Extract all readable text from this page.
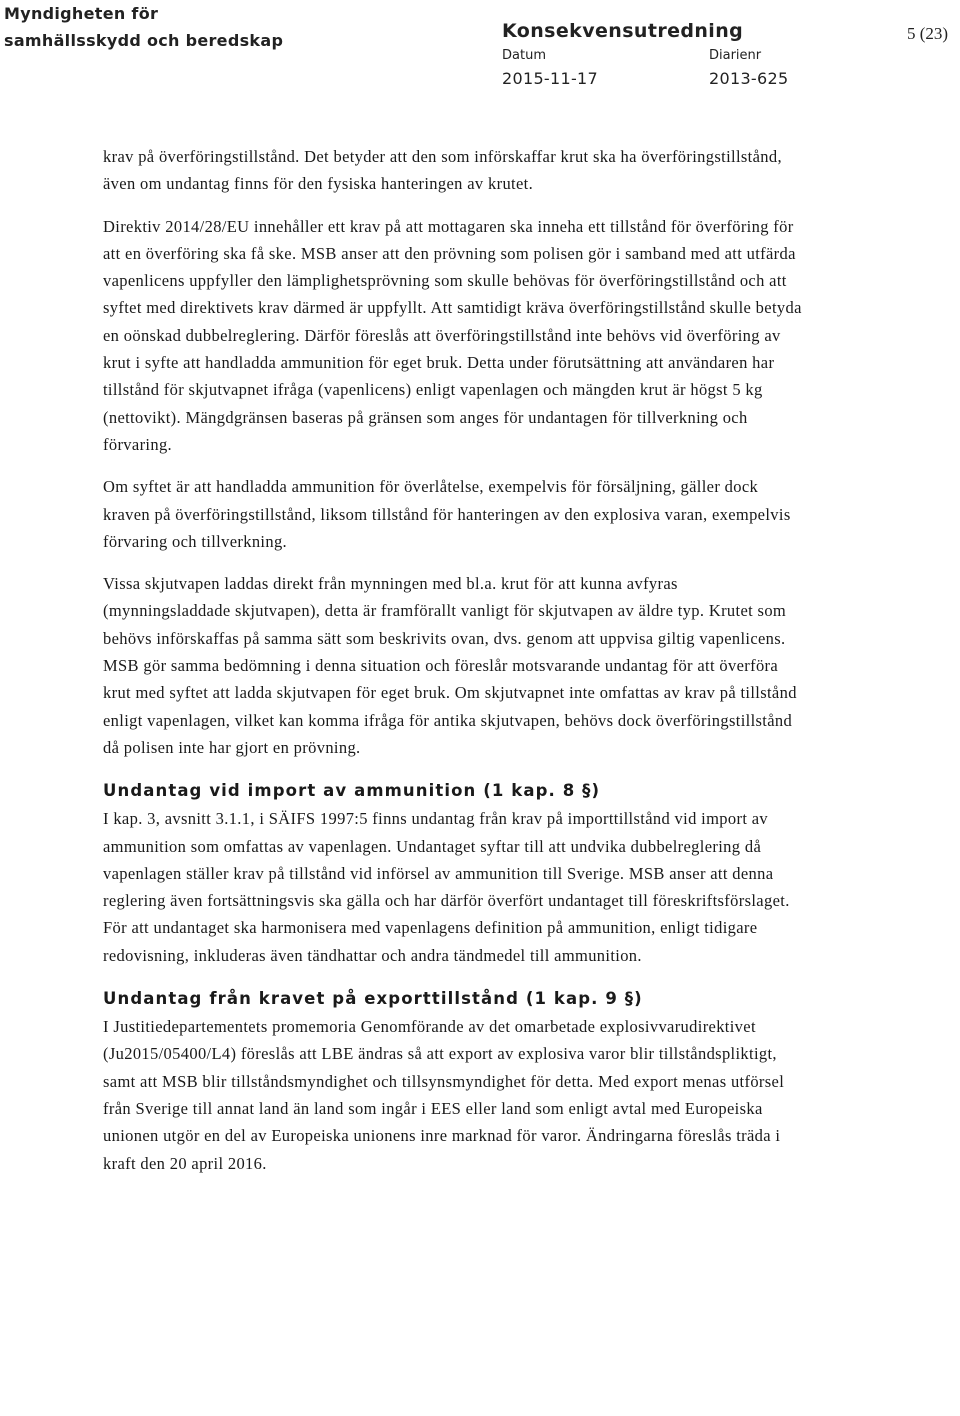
Myndigheten för
samhällsskydd och beredskap	Konsekvensutredning	5 (23)
Datum
2015-11-17
Diarienr
2013-625

krav på överföringstillstånd. Det betyder att den som införskaffar krut ska ha överföringstillstånd, även om undantag finns för den fysiska hanteringen av krutet.

Direktiv 2014/28/EU innehåller ett krav på att mottagaren ska inneha ett tillstånd för överföring för att en överföring ska få ske. MSB anser att den prövning som polisen gör i samband med att utfärda vapenlicens uppfyller den lämplighetsprövning som skulle behövas för överföringstillstånd och att syftet med direktivets krav därmed är uppfyllt. Att samtidigt kräva överföringstillstånd skulle betyda en oönskad dubbelreglering. Därför föreslås att överföringstillstånd inte behövs vid överföring av krut i syfte att handladda ammunition för eget bruk. Detta under förutsättning att användaren har tillstånd för skjutvapnet ifråga (vapenlicens) enligt vapenlagen och mängden krut är högst 5 kg (nettovikt). Mängdgränsen baseras på gränsen som anges för undantagen för tillverkning och förvaring.

Om syftet är att handladda ammunition för överlåtelse, exempelvis för försäljning, gäller dock kraven på överföringstillstånd, liksom tillstånd för hanteringen av den explosiva varan, exempelvis förvaring och tillverkning.

Vissa skjutvapen laddas direkt från mynningen med bl.a. krut för att kunna avfyras (mynningsladdade skjutvapen), detta är framförallt vanligt för skjutvapen av äldre typ. Krutet som behövs införskaffas på samma sätt som beskrivits ovan, dvs. genom att uppvisa giltig vapenlicens. MSB gör samma bedömning i denna situation och föreslår motsvarande undantag för att överföra krut med syftet att ladda skjutvapen för eget bruk. Om skjutvapnet inte omfattas av krav på tillstånd enligt vapenlagen, vilket kan komma ifråga för antika skjutvapen, behövs dock överföringstillstånd då polisen inte har gjort en prövning.

Undantag vid import av ammunition (1 kap. 8 §)

I kap. 3, avsnitt 3.1.1, i SÄIFS 1997:5 finns undantag från krav på importtillstånd vid import av ammunition som omfattas av vapenlagen. Undantaget syftar till att undvika dubbelreglering då vapenlagen ställer krav på tillstånd vid införsel av ammunition till Sverige. MSB anser att denna reglering även fortsättningsvis ska gälla och har därför överfört undantaget till föreskriftsförslaget. För att undantaget ska harmonisera med vapenlagens definition på ammunition, enligt tidigare redovisning, inkluderas även tändhattar och andra tändmedel till ammunition.

Undantag från kravet på exporttillstånd (1 kap. 9 §)

I Justitiedepartementets promemoria Genomförande av det omarbetade explosivvarudirektivet (Ju2015/05400/L4) föreslås att LBE ändras så att export av explosiva varor blir tillståndspliktigt, samt att MSB blir tillståndsmyndighet och tillsynsmyndighet för detta. Med export menas utförsel från Sverige till annat land än land som ingår i EES eller land som enligt avtal med Europeiska unionen utgör en del av Europeiska unionens inre marknad för varor. Ändringarna föreslås träda i kraft den 20 april 2016.
